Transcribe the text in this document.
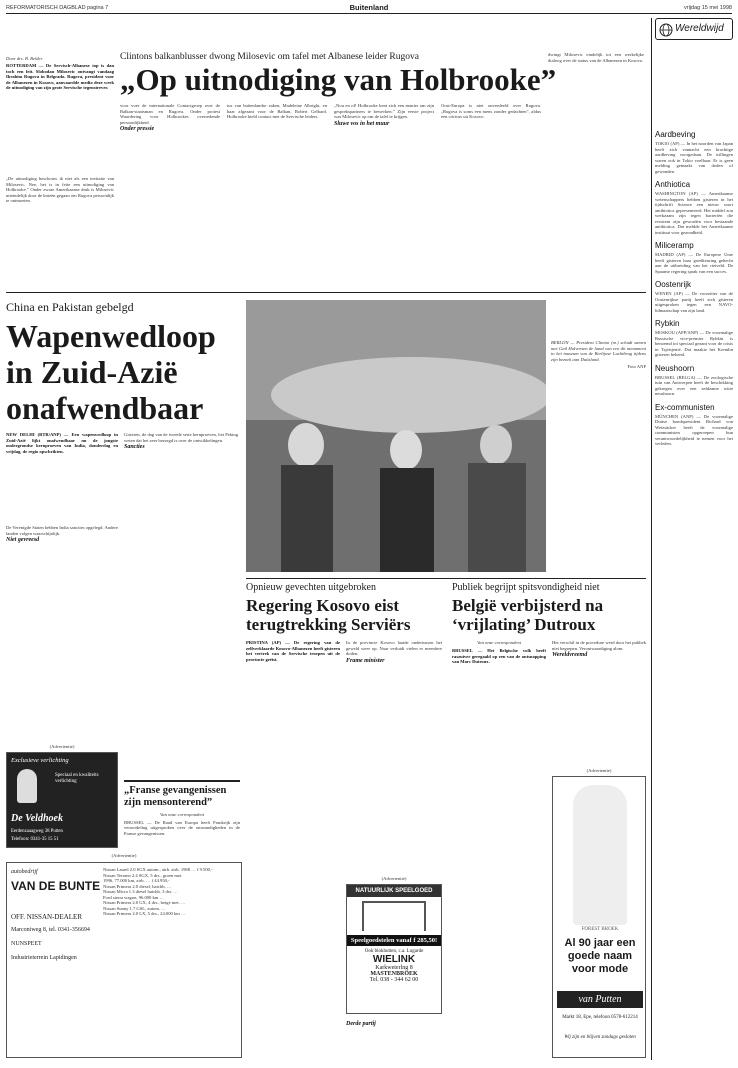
REFORMATORISCH DAGBLAD pagina 7	Buitenland	vrijdag 15 mei 1998
Door drs. B. Belder
ROTTERDAM — De Servisch-Albanese top is dan toch een feit. Slobodan Milosevic ontvangt vandaag Ibrahim Rugova in Belgrado. Rugova, president voor de Albanezen in Kosovo, aanvaardde medio deze week de uitnodiging van zijn grote Servische tegenstrever.
„De uitnodiging beschouw ik niet als een invitatie van Milosevic. Nee, het is in feite een uitnodiging van Holbrooke.” Onder zware Amerikaanse druk is Milosevic uiteindelijk door de knieën gegaan om Rugova persoonlijk te ontmoeten.
Clintons balkanblusser dwong Milosevic om tafel met Albanese leider Rugova
„Op uitnodiging van Holbrooke”
voor voer de internationale Contactgroep over de Balkan-staatsman en Rugova. Onder protest Waardering voor Holbrookes overredende persoonlijkheid.
Onder pressie
tus van buitenlandse zaken, Madeleine Albright, en haar afgezant voor de Balkan, Robert Gelbard. Holbrooke hield contact met de Servische leiders.
„Nou en of! Holbrooke kent zich een manier om zijn gesprekspartners te bewerken.” Zijn eerste project was Milosevic op om de tafel te krijgen.
Sluwe vos in het muur
Oost-Europa is niet onverdeeld over Rugova. „Rugova is soms een mens zonder gedachten”, aldus een criticus uit Kosovo.
dwingt Milosevic eindelijk tot een werkelijke dialoog over de status van de Albanezen in Kosovo.
China en Pakistan gebelgd
Wapenwedloop in Zuid-Azië onafwendbaar
NEW DELHI (RTR/ANP) — Een wapenwedloop in Zuid-Azië lijkt onafwendbaar nu de jongste ondergrondse kernproeven van India, donderdag en vrijdag, de regio opschrikten.
De Verenigde Staten hebben India sancties opgelegd. Andere landen volgen waarschijnlijk.
Niet gevreesd
Gisteren, de dag van de tweede serie kernproeven, liet Peking weten dat het zeer bezorgd is over de ontwikkelingen.
Sancties
BERLIJN — President Clinton (m.) schudt samen met Gail Halvorsen de hand van een dit monument in het museum van de Berlijnse Luchtbrug tijdens zijn bezoek aan Duitsland.
Foto ANP
Opnieuw gevechten uitgebroken
Regering Kosovo eist terugtrekking Serviërs
PRISTINA (AP) — De regering van de zelfverklaarde Kosovo-Albanezen heeft gisteren het vertrek van de Servische troepen uit de provincie geëist.
In de provincie Kosovo laaide ondertussen het geweld weer op. Naar verluidt vielen er meerdere doden.
Frame minister
Derde partij
Publiek begrijpt spitsvondigheid niet
België verbijsterd na ‘vrijlating’ Dutroux
Van onze correspondent
BRUSSEL — Het Belgische volk heeft raszuiver geregaald op een van de ontsnapping van Marc Dutroux.
Het verschil in de procedure werd door het publiek niet begrepen. Verontwaardiging alom.
Wereldvreemd
„Franse gevangenissen zijn mensonterend”
Van onze correspondent
BRUSSEL — De Raad van Europa heeft Frankrijk zijn veroordeling uitgesproken over de omstandigheden in de Franse gevangenissen.
(Advertentie)
Exclusieve verlichting
Speciaal en kwaliteits verlichting
De Veldhoek
Eerdenzaaagweg 38 Putten
Telefoon: 0341-35 15 51
(Advertentie)
autobedrijf
VAN DE BUNTE
OFF. NISSAN-DEALER
Marconiweg 8, tel. 0341-356694
NUNSPEET
Industrieterrein Lapidingen
Nissan Laurel 2.0 SGX autom., airb. airb. 1988 … f 9.500,-
Nissan Terrano 2.4 SGX, 5 drs., groen met.
1996, 77.000 km, airb. … f 44.950,-
Nissan Primera 2.0 diesel, hatchb. …
Nissan Micra 1.3 diesel hatchb. 3 drs. …
Ford sierra wagon, 96.000 km …
Nissan Primera 2.0 GX, 4 drs., beige met. …
Nissan Sunny 1.7 GSL, autom. …
Nissan Primera 2.0 LX, 5 drs., 24.000 km …
(Advertentie)
NATUURLIJK SPEELGOED
Speelgoedstelen vanaf f 285,50!
Ook blokhutten, c.a. Lugarde
WIELINK
Karkweterlng 8
MASTENBROEK
Tel. 038 - 344 62 00
(Advertentie)
FOREST BROEK
Al 90 jaar een goede naam voor mode
van Putten
Markt 18, Epe, telefoon 0578-612214
Wij zijn en blijven zondags gesloten
Wereldwijd
Aardbeving
TOKIO (AP) — In het noorden van Japan heeft zich vannacht een krachtige aardbeving voorgedaan. De trillingen waren ook in Tokio voelbaar. Er is geen melding gemaakt van doden of gewonden.
Anthiotica
WASHINGTON (AP) — Amerikaanse wetenschappers hebben gisteren in het tijdschrift Science een nieuw soort antibiotica gepresenteerd. Het middel zou werkzaam zijn tegen bacteriën die resistent zijn geworden voor bestaande antibiotica. Dat meldde het Amerikaanse instituut voor gezondheid.
Miliceramp
MADRID (AP) — De Europese Unie heeft gisteren haar goedkeuring gehecht aan de uitbreiding van het rietveld. De Spaanse regering sprak van een succes.
Oostenrijk
WENEN (AP) — De voorzitter van de Oostenrijkse partij heeft zich gisteren uitgesproken tegen een NAVO-lidmaatschap van zijn land.
Rybkin
MOSKOU (AFP/ANP) — De voormalige Russische vice-premier Rybkin is benoemd tot speciaal gezant voor de crisis in Tsjetsjenië. Dat maakte het Kremlin gisteren bekend.
Neushoorn
BRUSSEL (BELGA) — De zoologische tuin van Antwerpen heeft de beschikking gekregen over een zeldzame witte neushoorn.
Ex-communisten
MÜNCHEN (ANP) — De voormalige Duitse bondspresident Richard von Weizsäcker heeft de voormalige communisten opgeroepen hun verantwoordelijkheid te nemen voor het verleden.
